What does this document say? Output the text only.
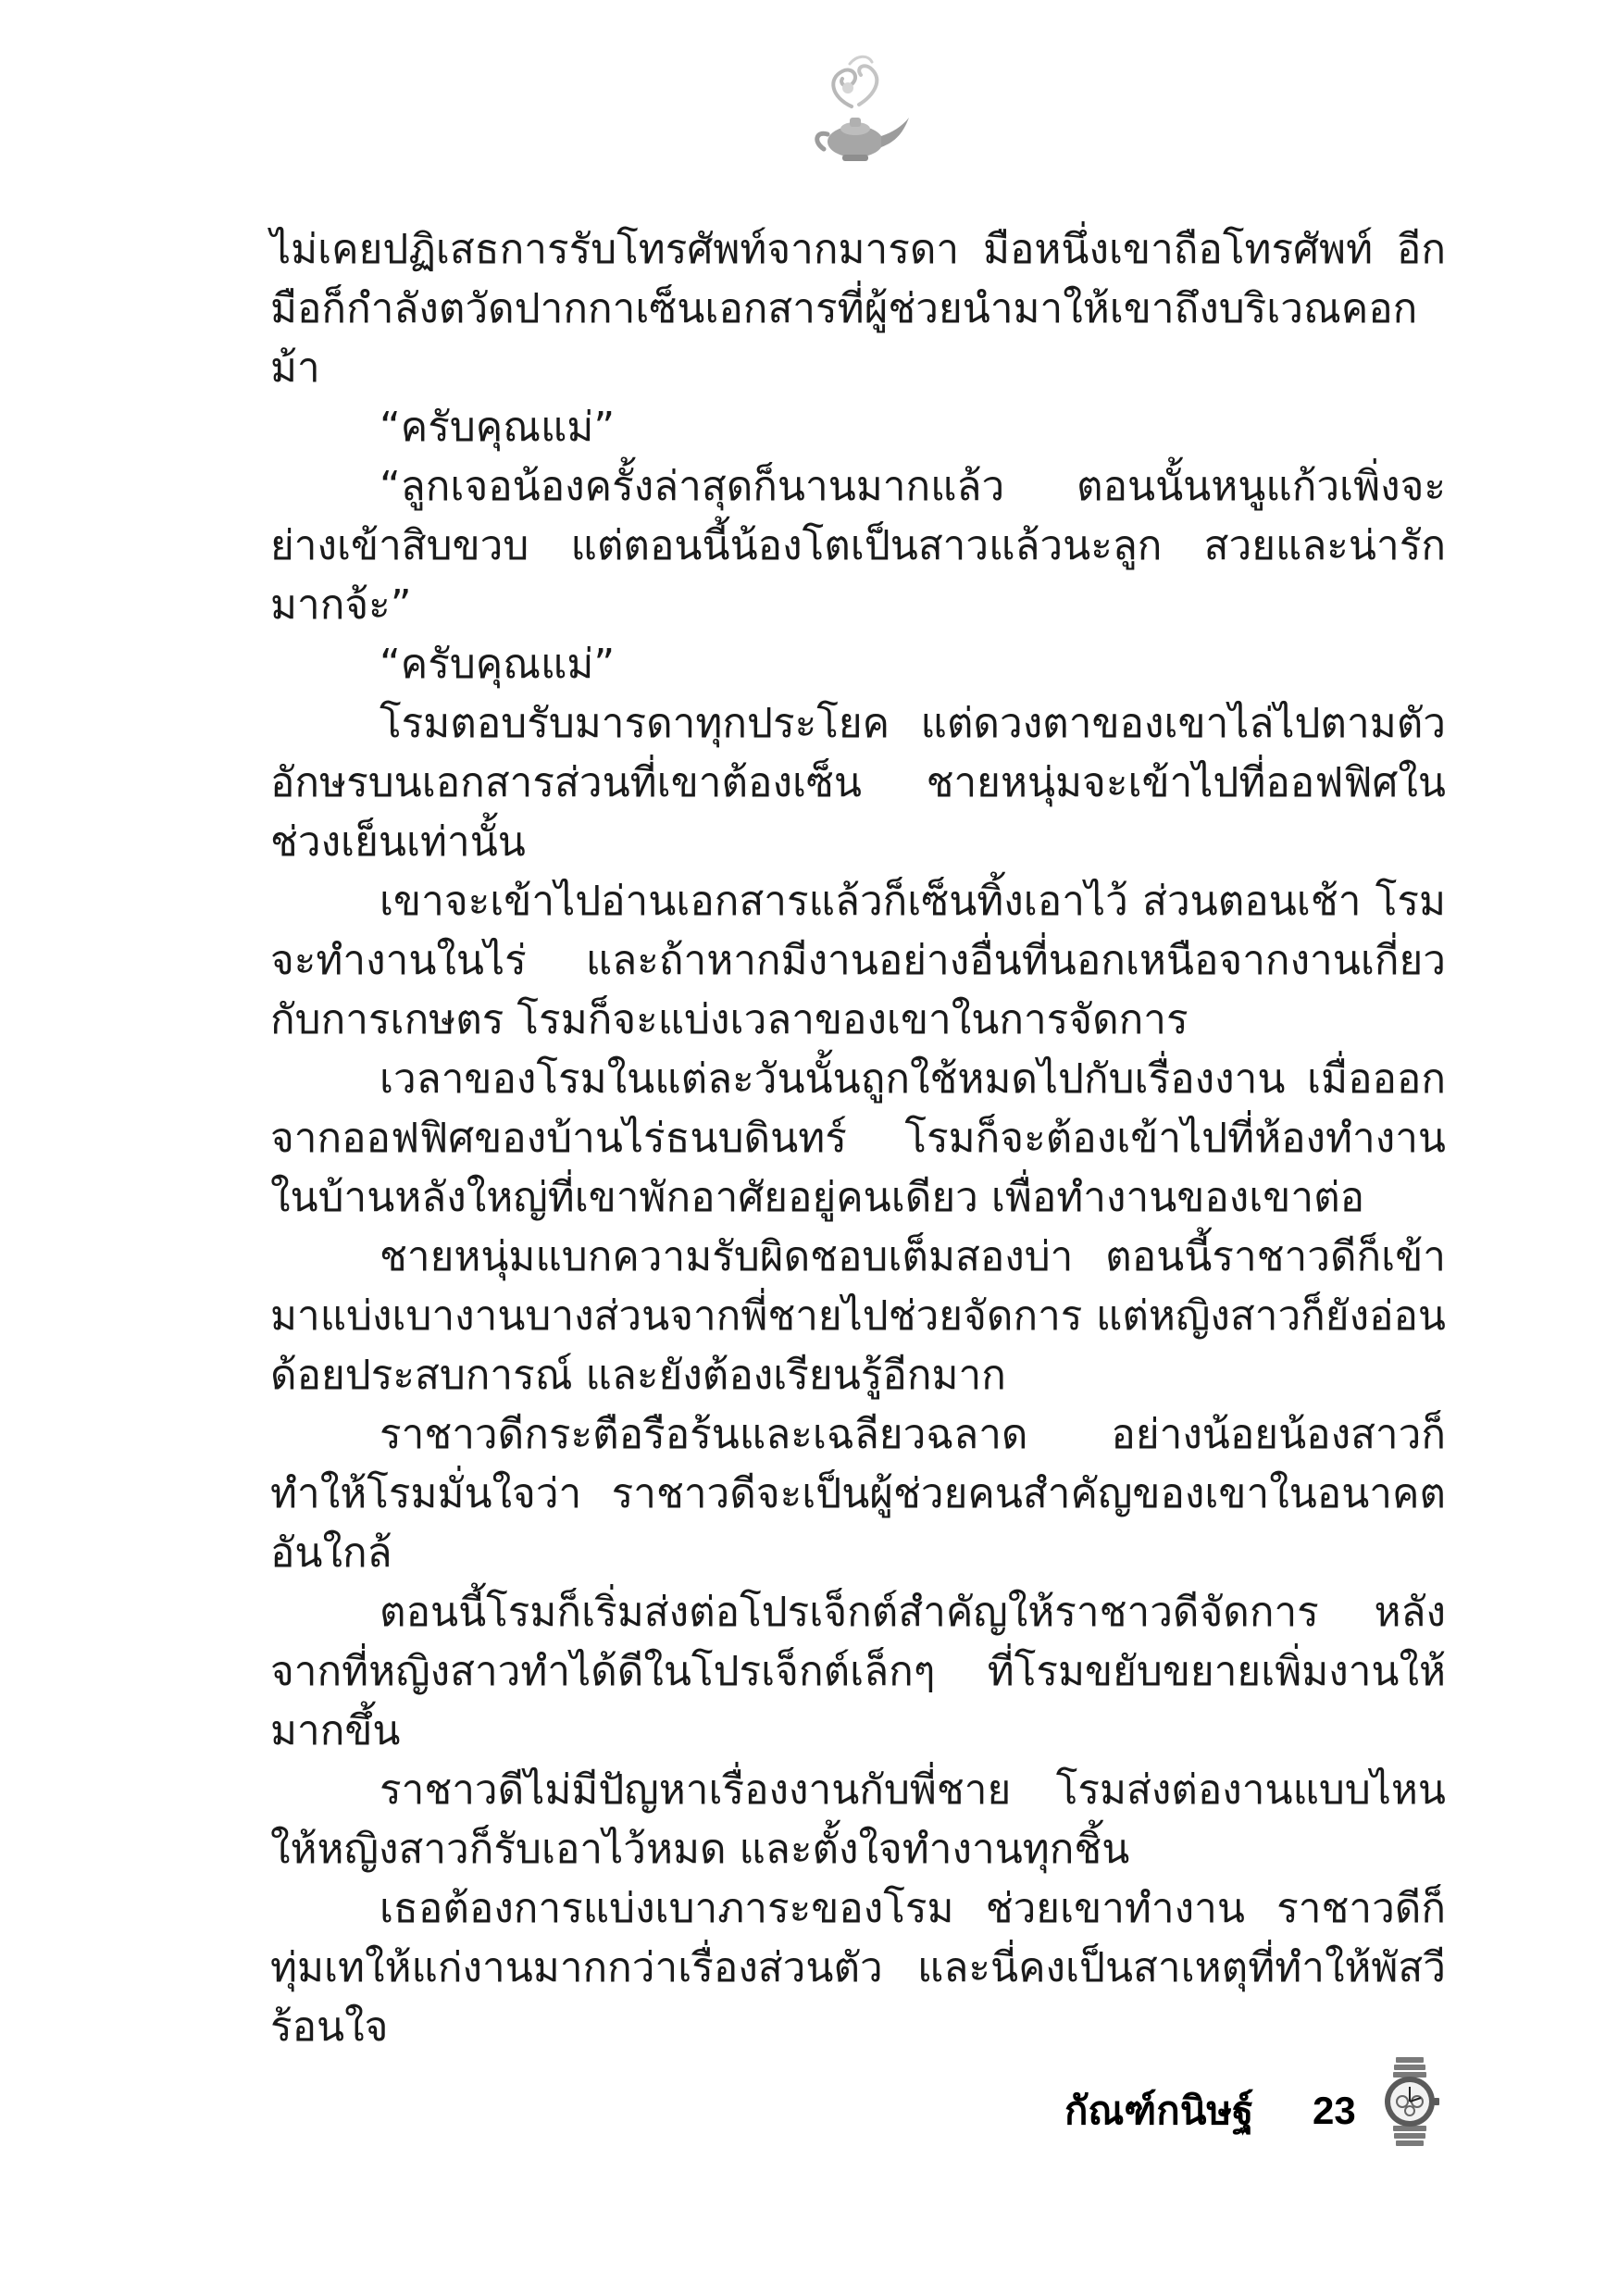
ไม่เคยปฏิเสธการรับโทรศัพท์จากมารดา มือหนึ่งเขาถือโทรศัพท์ อีกมือก็กำลังตวัดปากกาเซ็นเอกสารที่ผู้ช่วยนำมาให้เขาถึงบริเวณคอกม้า

“ครับคุณแม่”

“ลูกเจอน้องครั้งล่าสุดก็นานมากแล้ว ตอนนั้นหนูแก้วเพิ่งจะย่างเข้าสิบขวบ แต่ตอนนี้น้องโตเป็นสาวแล้วนะลูก สวยและน่ารักมากจ้ะ”

“ครับคุณแม่”

โรมตอบรับมารดาทุกประโยค แต่ดวงตาของเขาไล่ไปตามตัวอักษรบนเอกสารส่วนที่เขาต้องเซ็น ชายหนุ่มจะเข้าไปที่ออฟฟิศในช่วงเย็นเท่านั้น

เขาจะเข้าไปอ่านเอกสารแล้วก็เซ็นทิ้งเอาไว้ ส่วนตอนเช้า โรมจะทำงานในไร่ และถ้าหากมีงานอย่างอื่นที่นอกเหนือจากงานเกี่ยวกับการเกษตร โรมก็จะแบ่งเวลาของเขาในการจัดการ

เวลาของโรมในแต่ละวันนั้นถูกใช้หมดไปกับเรื่องงาน เมื่อออกจากออฟฟิศของบ้านไร่ธนบดินทร์ โรมก็จะต้องเข้าไปที่ห้องทำงานในบ้านหลังใหญ่ที่เขาพักอาศัยอยู่คนเดียว เพื่อทำงานของเขาต่อ

ชายหนุ่มแบกความรับผิดชอบเต็มสองบ่า ตอนนี้ราชาวดีก็เข้ามาแบ่งเบางานบางส่วนจากพี่ชายไปช่วยจัดการ แต่หญิงสาวก็ยังอ่อนด้อยประสบการณ์ และยังต้องเรียนรู้อีกมาก

ราชาวดีกระตือรือร้นและเฉลียวฉลาด อย่างน้อยน้องสาวก็ทำให้โรมมั่นใจว่า ราชาวดีจะเป็นผู้ช่วยคนสำคัญของเขาในอนาคตอันใกล้

ตอนนี้โรมก็เริ่มส่งต่อโปรเจ็กต์สำคัญให้ราชาวดีจัดการ หลังจากที่หญิงสาวทำได้ดีในโปรเจ็กต์เล็กๆ ที่โรมขยับขยายเพิ่มงานให้มากขึ้น

ราชาวดีไม่มีปัญหาเรื่องงานกับพี่ชาย โรมส่งต่องานแบบไหนให้หญิงสาวก็รับเอาไว้หมด และตั้งใจทำงานทุกชิ้น

เธอต้องการแบ่งเบาภาระของโรม ช่วยเขาทำงาน ราชาวดีก็ทุ่มเทให้แก่งานมากกว่าเรื่องส่วนตัว และนี่คงเป็นสาเหตุที่ทำให้พัสวีร้อนใจ

กัณฑ์กนิษฐ์ 23
